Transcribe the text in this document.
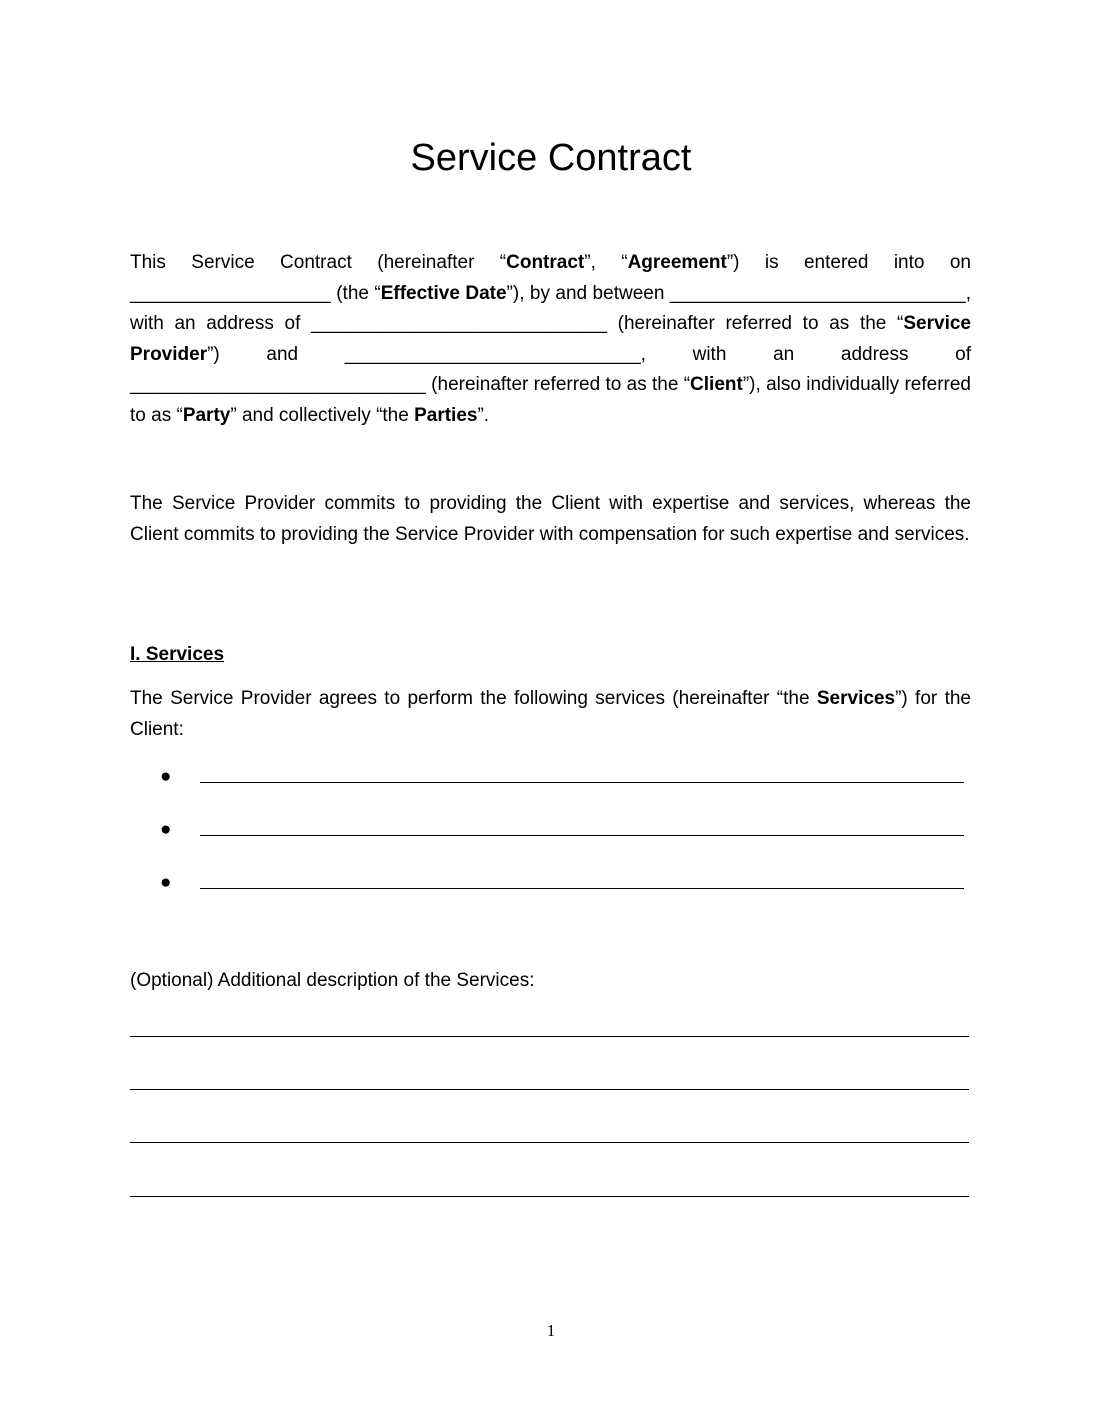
Service Contract

This Service Contract (hereinafter “Contract”, “Agreement”) is entered into on ___________________ (the “Effective Date”), by and between ____________________________, with an address of ____________________________ (hereinafter referred to as the “Service Provider”) and ____________________________, with an address of ____________________________ (hereinafter referred to as the “Client”), also individually referred to as “Party” and collectively “the Parties”.

The Service Provider commits to providing the Client with expertise and services, whereas the Client commits to providing the Service Provider with compensation for such expertise and services.

I. Services

The Service Provider agrees to perform the following services (hereinafter “the Services”) for the Client:

●
●
●

(Optional) Additional description of the Services:

1
